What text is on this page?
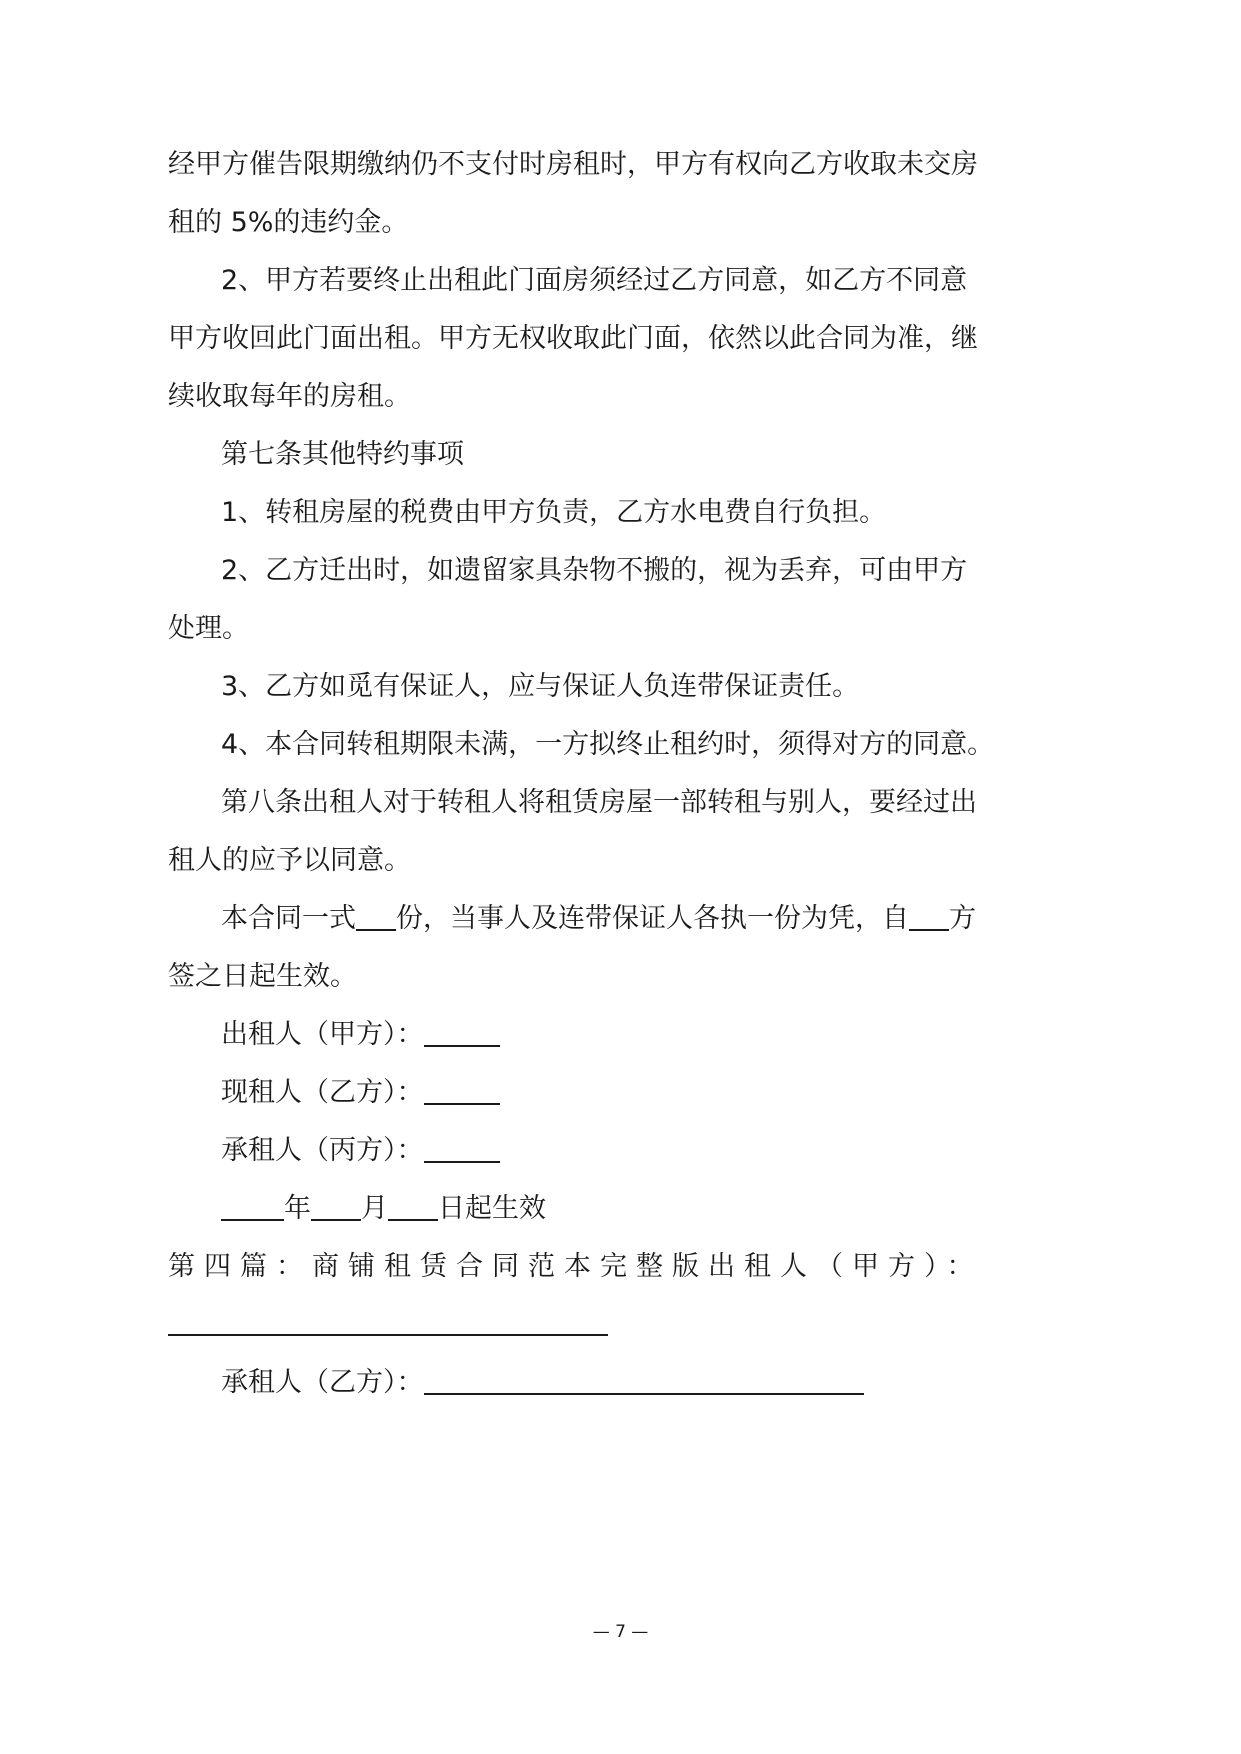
经甲方催告限期缴纳仍不支付时房租时，甲方有权向乙方收取未交房
租的 5%的违约金。
2、甲方若要终止出租此门面房须经过乙方同意，如乙方不同意
甲方收回此门面出租。甲方无权收取此门面，依然以此合同为准，继
续收取每年的房租。
第七条其他特约事项
1、转租房屋的税费由甲方负责，乙方水电费自行负担。
2、乙方迁出时，如遗留家具杂物不搬的，视为丢弃，可由甲方
处理。
3、乙方如觅有保证人，应与保证人负连带保证责任。
4、本合同转租期限未满，一方拟终止租约时，须得对方的同意。
第八条出租人对于转租人将租赁房屋一部转租与别人，要经过出
租人的应予以同意。
本合同一式 份，当事人及连带保证人各执一份为凭，自 方
签之日起生效。
出租人（甲方）：
现租人（乙方）：
承租人（丙方）：
年 月 日起生效
第四篇：商铺租赁合同范本完整版 出租人（甲方）：
承租人（乙方）：
— 7 —
